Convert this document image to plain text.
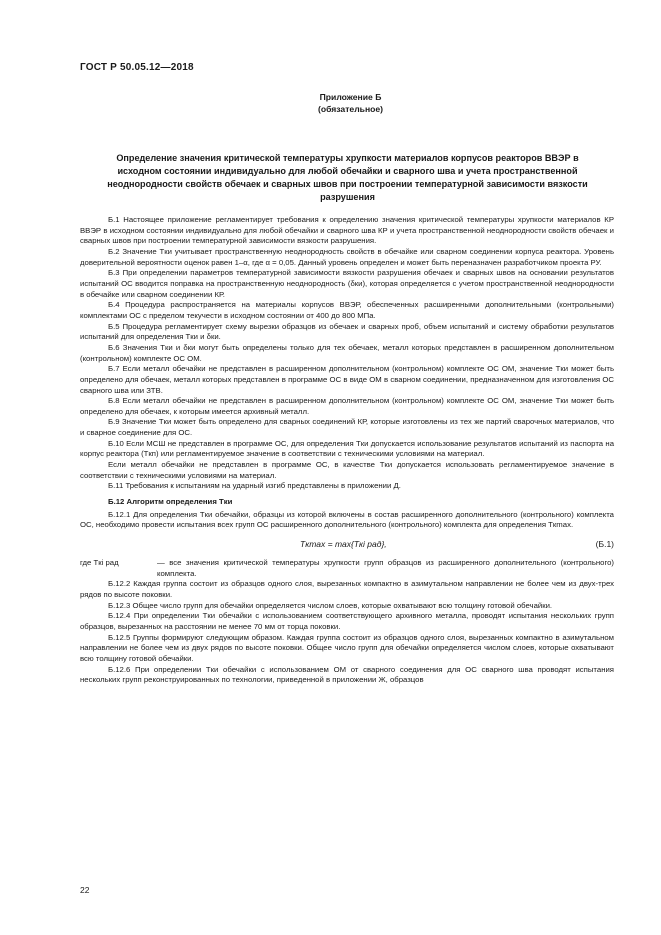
ГОСТ Р 50.05.12—2018
Приложение Б
(обязательное)
Определение значения критической температуры хрупкости материалов корпусов реакторов ВВЭР в исходном состоянии индивидуально для любой обечайки и сварного шва и учета пространственной неоднородности свойств обечаек и сварных швов при построении температурной зависимости вязкости разрушения

Б.1 Настоящее приложение регламентирует требования к определению значения критической температуры хрупкости материалов КР ВВЭР в исходном состоянии индивидуально для любой обечайки и сварного шва КР и учета пространственной неоднородности свойств обечаек и сварных швов при построении температурной зависимости вязкости разрушения.

Б.2 Значение Tки учитывает пространственную неоднородность свойств в обечайке или сварном соединении корпуса реактора. Уровень доверительной вероятности оценок равен 1–α, где α = 0,05. Данный уровень определен и может быть переназначен разработчиком проекта РУ.

Б.3 При определении параметров температурной зависимости вязкости разрушения обечаек и сварных швов на основании результатов испытаний ОС вводится поправка на пространственную неоднородность (δки), которая определяется с учетом пространственной неоднородности в обечайке или сварном соединении КР.

Б.4 Процедура распространяется на материалы корпусов ВВЭР, обеспеченных расширенными дополнительными (контрольными) комплектами ОС с пределом текучести в исходном состоянии от 400 до 800 МПа.

Б.5 Процедура регламентирует схему вырезки образцов из обечаек и сварных проб, объем испытаний и систему обработки результатов испытаний для определения Tки и δки.

Б.6 Значения Tки и δки могут быть определены только для тех обечаек, металл которых представлен в расширенном дополнительном (контрольном) комплекте ОС ОМ.

Б.7 Если металл обечайки не представлен в расширенном дополнительном (контрольном) комплекте ОС ОМ, значение Tки может быть определено для обечаек, металл которых представлен в программе ОС в виде ОМ в сварном соединении, предназначенном для изготовления ОС сварного шва или ЗТВ.

Б.8 Если металл обечайки не представлен в расширенном дополнительном (контрольном) комплекте ОС ОМ, значение Tки может быть определено для обечаек, к которым имеется архивный металл.

Б.9 Значение Tки может быть определено для сварных соединений КР, которые изготовлены из тех же партий сварочных материалов, что и сварное соединение для ОС.

Б.10 Если МСШ не представлен в программе ОС, для определения Tки допускается использование результатов испытаний из паспорта на корпус реактора (Tкп) или регламентируемое значение в соответствии с техническими условиями на материал.

Если металл обечайки не представлен в программе ОС, в качестве Tки допускается использовать регламентируемое значение в соответствии с техническими условиями на материал.

Б.11 Требования к испытаниям на ударный изгиб представлены в приложении Д.

Б.12 Алгоритм определения Tки

Б.12.1 Для определения Tки обечайки, образцы из которой включены в состав расширенного дополнительного (контрольного) комплекта ОС, необходимо провести испытания всех групп ОС расширенного дополнительного (контрольного) комплекта для определения Tкmax.

Tкmax = max{Tкi рад},	(Б.1)

где Tкi рад	— все значения критической температуры хрупкости групп образцов из расширенного дополнительного (контрольного) комплекта.

Б.12.2 Каждая группа состоит из образцов одного слоя, вырезанных компактно в азимутальном направлении не более чем из двух-трех рядов по высоте поковки.

Б.12.3 Общее число групп для обечайки определяется числом слоев, которые охватывают всю толщину готовой обечайки.

Б.12.4 При определении Tки обечайки с использованием соответствующего архивного металла, проводят испытания нескольких групп образцов, вырезанных на расстоянии не менее 70 мм от торца поковки.

Б.12.5 Группы формируют следующим образом. Каждая группа состоит из образцов одного слоя, вырезанных компактно в азимутальном направлении не более чем из двух рядов по высоте поковки. Общее число групп для обечайки определяется числом слоев, которые охватывают всю толщину готовой обечайки.

Б.12.6 При определении Tки обечайки с использованием ОМ от сварного соединения для ОС сварного шва проводят испытания нескольких групп реконструированных по технологии, приведенной в приложении Ж, образцов

22
